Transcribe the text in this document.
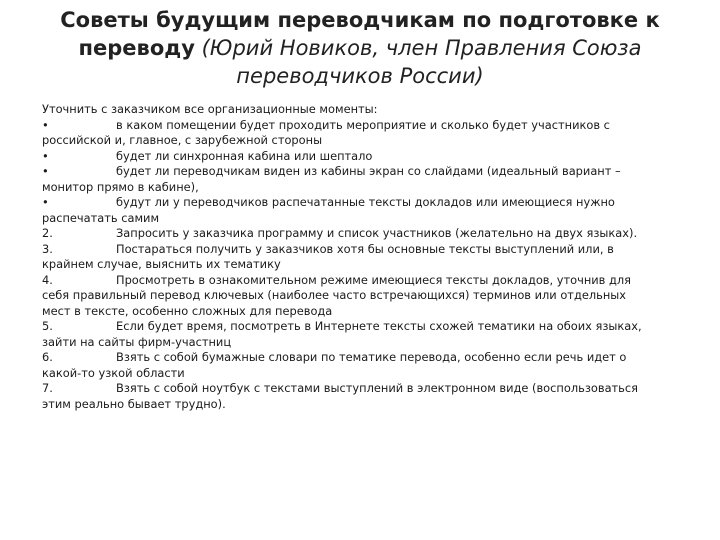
Советы будущим переводчикам по подготовке к переводу (Юрий Новиков, член Правления Союза переводчиков России)
Уточнить с заказчиком все организационные моменты:
•	в каком помещении будет проходить мероприятие и сколько будет участников с
российской и, главное, с зарубежной стороны
•	будет ли синхронная кабина или шептало
•	будет ли переводчикам виден из кабины экран со слайдами (идеальный вариант –
монитор прямо в кабине),
•	будут ли у переводчиков распечатанные тексты докладов или имеющиеся нужно
распечатать самим
2.	Запросить у заказчика программу и список участников (желательно на двух языках).
3.	Постараться получить у заказчиков хотя бы основные тексты выступлений или, в
крайнем случае, выяснить их тематику
4.	Просмотреть в ознакомительном режиме имеющиеся тексты докладов, уточнив для
себя правильный перевод ключевых (наиболее часто встречающихся) терминов или отдельных
мест в тексте, особенно сложных для перевода
5.	Если будет время, посмотреть в Интернете тексты схожей тематики на обоих языках,
зайти на сайты фирм-участниц
6.	Взять с собой бумажные словари по тематике перевода, особенно если речь идет о
какой-то узкой области
7.	Взять с собой ноутбук с текстами выступлений в электронном виде (воспользоваться
этим реально бывает трудно).
